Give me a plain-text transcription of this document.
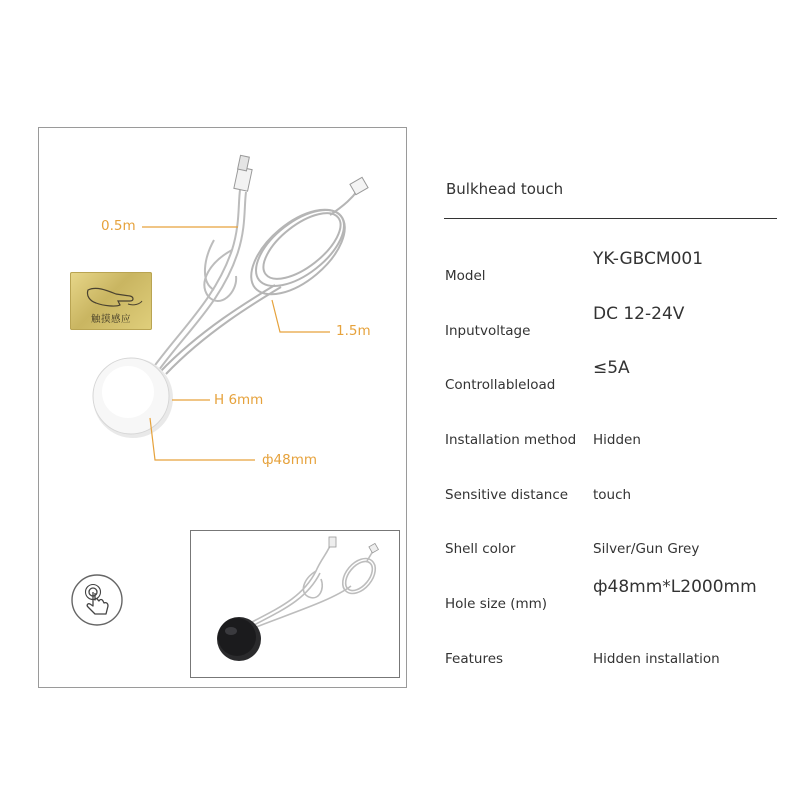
触摸感应
0.5m
1.5m
H 6mm
ф48mm
Bulkhead touch
Model
YK-GBCM001
Inputvoltage
DC 12-24V
Controllableload
≤5A
Installation method Hidden
Sensitive distance touch
Shell color	Silver/Gun Grey
Hole size (mm)
ф48mm*L2000mm
Features	Hidden installation
